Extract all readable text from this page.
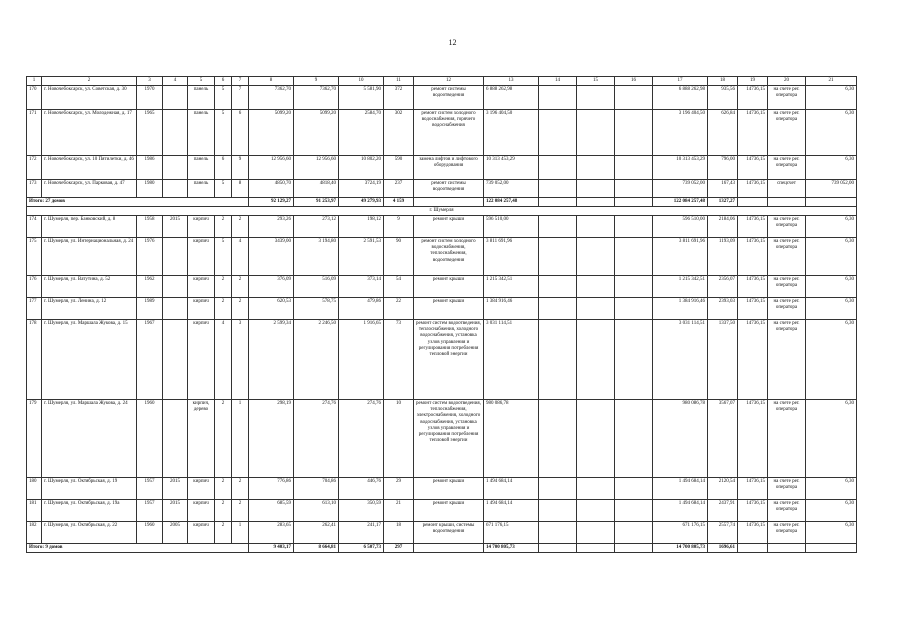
12
1	2	3	4	5	6	7	8	9	10	11	12	13	14	15	16	17	18	19	20	21
170	г. Новочебоксарск, ул. Советская, д. 30	1970		панель	5	7	7362,70	7362,70	5 581,90	372	ремонт системы водоотведения	6 888 262,98				6 888 262,98	935,56	14736,15	на счете рег. оператора	6,30
171	г. Новочебоксарск, ул. Молодежная, д. 17	1965		панель	5	6	5099,20	5099,20	2584,70	302	ремонт систем холодного водоснабжения, горячего водоснабжения	3 196 404,50				3 196 404,50	626,84	14736,15	на счете рег. оператора	6,30
172	г. Новочебоксарск, ул. 10 Пятилетки, д. 46	1986		панель	6	9	12 956,60	12 956,60	10 802,20	590	замена лифтов и лифтового оборудования	10 313 453,29				10 313 453,29	796,00	14736,15	на счете рег. оператора	6,30
173	г. Новочебоксарск, ул. Парковая, д. 47	1980		панель	5	8	4850,70	4818,40	3724,19	237	ремонт системы водоотведения	739 052,00				739 052,00	167,43	14736,15	спецсчет	739 052,00
Итого: 27 домов							92 129,27	91 253,97	49 279,93	4 159		122 084 257,48				122 084 257,48	1327,27			
г. Шумерля																				
174	г. Шумерля, пер. Банковский, д. 8	1958	2015	кирпич	2	2	293,26	273,12	198,12	9	ремонт крыши	596 510,00				596 510,00	2184,06	14736,15	на счете рег. оператора	6,30
175	г. Шумерля, ул. Интернациональная, д. 24	1976		кирпич	5	4	3439,00	3 194,80	2 591,53	90	ремонт систем холодного водоснабжения, теплоснабжения, водоотведения	3 811 691,96				3 811 691,96	1193,09	14736,15	на счете рег. оператора	6,30
176	г. Шумерля, ул. Ватутина, д. 52	1962		кирпич	2	2	376,09	516,09	373,14	54	ремонт крыши	1 215 342,51				1 215 342,51	2356,07	14736,15	на счете рег. оператора	6,30
177	г. Шумерля, ул. Ленина, д. 12	1989		кирпич	2	2	620,53	578,75	479,86	22	ремонт крыши	1 384 916,46				1 384 916,46	2393,03	14736,15	на счете рег. оператора	6,30
178	г. Шумерля, ул. Маршала Жукова, д. 15	1967		кирпич	4	3	2 599,34	2 246,50	1 916,65	73	ремонт систем водоотведения, теплоснабжения, холодного водоснабжения, установка узлов управления и регулирования потребления тепловой энергии	3 031 114,51				3 031 114,51	1337,50	14736,15	на счете рег. оператора	6,30
179	г. Шумерля, ул. Маршала Жукова, д. 24	1960		кирпич, дерево	2	1	298,19	274,76	274,76	10	ремонт систем водоотведения, теплоснабжения, электроснабжения, холодного водоснабжения, установка узлов управления и регулирования потребления тепловой энергии	980 086,78				980 086,78	3567,07	14736,15	на счете рег. оператора	6,30
180	г. Шумерля, ул. Октябрьская, д. 19	1957	2015	кирпич	2	2	776,86	704,86	446,76	29	ремонт крыши	1 494 684,14				1 494 684,14	2120,54	14736,15	на счете рег. оператора	6,30
181	г. Шумерля, ул. Октябрьская, д. 19а	1957	2015	кирпич	2	2	685,59	613,10	350,59	21	ремонт крыши	1 494 684,14				1 494 684,14	2437,91	14736,15	на счете рег. оператора	6,30
182	г. Шумерля, ул. Октябрьская, д. 22	1960	2005	кирпич	2	1	283,65	262,41	241,17	18	ремонт крыши, системы водоотведения	671 176,15				671 176,15	2557,74	14736,15	на счете рег. оператора	6,30
Итого: 9 домов							9 403,17	8 664,81	6 507,73	297		14 700 805,73				14 700 805,73	1696,61			
